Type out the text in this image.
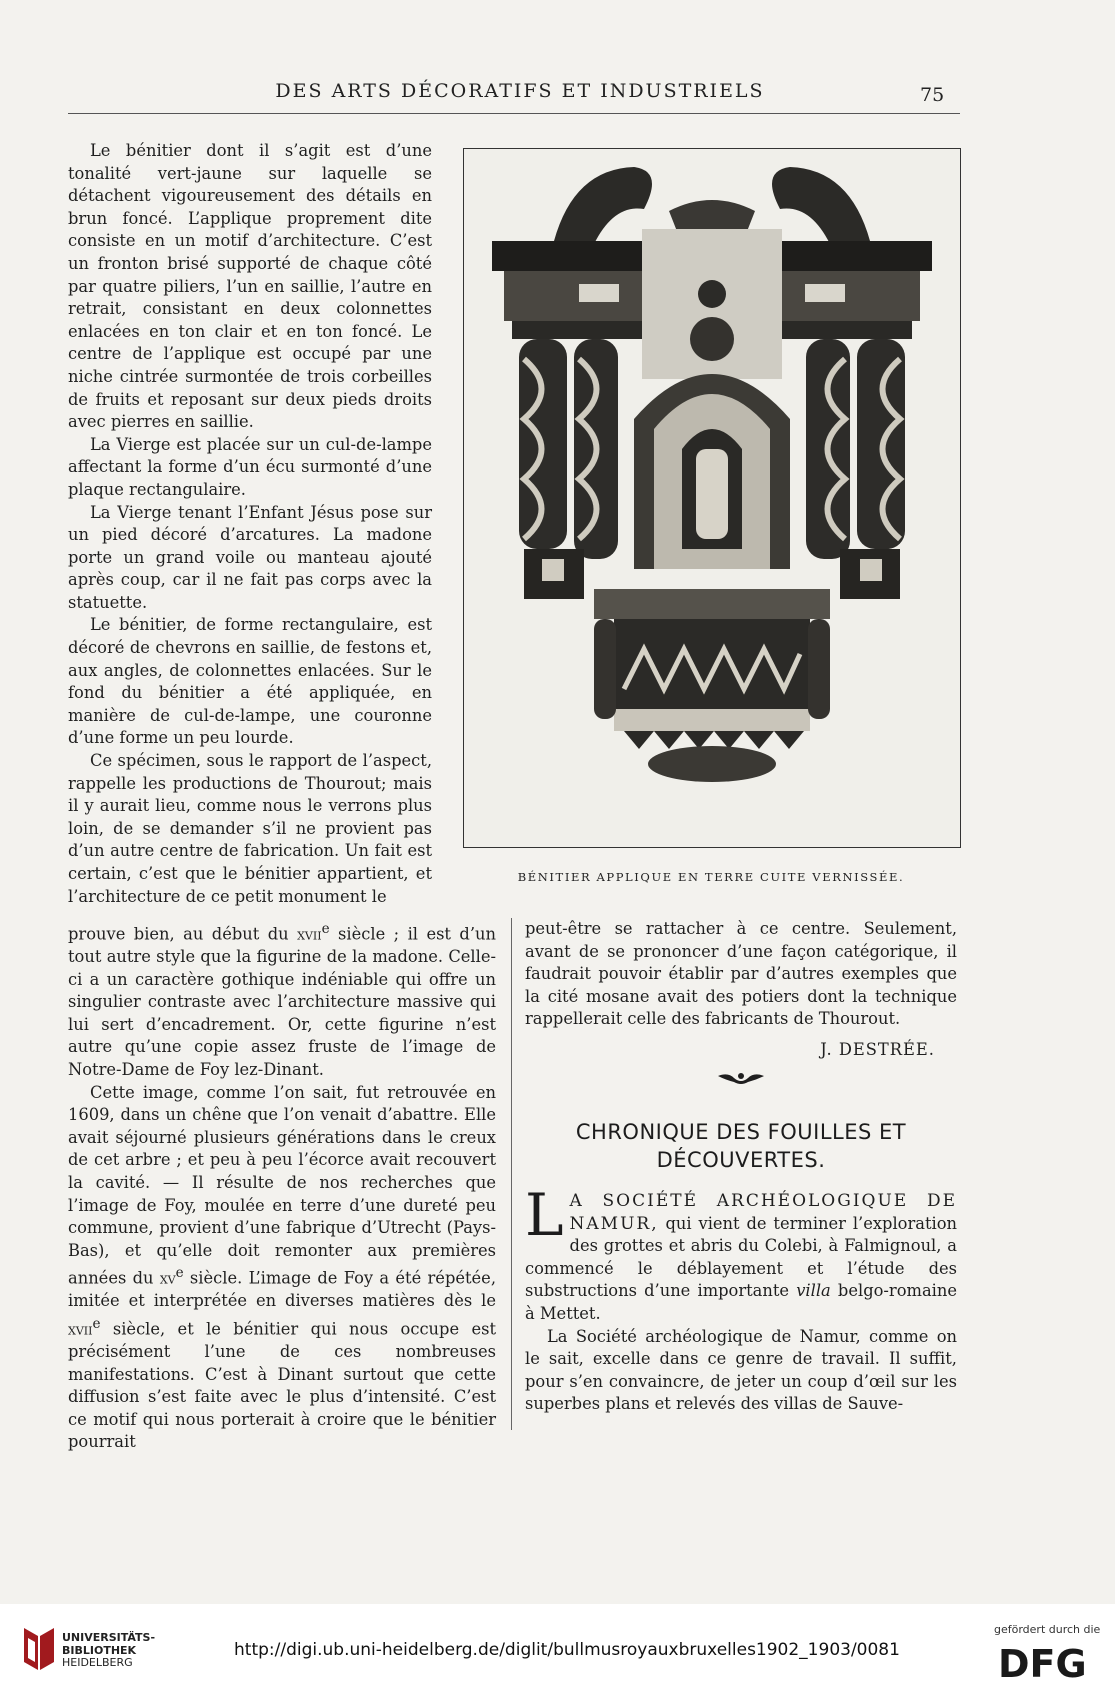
DES ARTS DÉCORATIFS ET INDUSTRIELS	75

Le bénitier dont il s’agit est d’une tonalité vert-jaune sur laquelle se détachent vigoureusement des détails en brun foncé. L’applique proprement dite consiste en un motif d’architecture. C’est un fronton brisé supporté de chaque côté par quatre piliers, l’un en saillie, l’autre en retrait, consistant en deux colonnettes enlacées en ton clair et en ton foncé. Le centre de l’applique est occupé par une niche cintrée surmontée de trois corbeilles de fruits et reposant sur deux pieds droits avec pierres en saillie.

La Vierge est placée sur un cul-de-lampe affectant la forme d’un écu surmonté d’une plaque rectangulaire.

La Vierge tenant l’Enfant Jésus pose sur un pied décoré d’arcatures. La madone porte un grand voile ou manteau ajouté après coup, car il ne fait pas corps avec la statuette.

Le bénitier, de forme rectangulaire, est décoré de chevrons en saillie, de festons et, aux angles, de colonnettes enlacées. Sur le fond du bénitier a été appliquée, en manière de cul-de-lampe, une couronne d’une forme un peu lourde.

Ce spécimen, sous le rapport de l’aspect, rappelle les productions de Thourout; mais il y aurait lieu, comme nous le verrons plus loin, de se demander s’il ne provient pas d’un autre centre de fabrication. Un fait est certain, c’est que le bénitier appartient, et l’architecture de ce petit monument le

BÉNITIER APPLIQUE EN TERRE CUITE VERNISSÉE.

prouve bien, au début du xvii$^e$ siècle ; il est d’un tout autre style que la figurine de la madone. Celle-ci a un caractère gothique indéniable qui offre un singulier contraste avec l’architecture massive qui lui sert d’encadrement. Or, cette figurine n’est autre qu’une copie assez fruste de l’image de Notre-Dame de Foy lez-Dinant.

Cette image, comme l’on sait, fut retrouvée en 1609, dans un chêne que l’on venait d’abattre. Elle avait séjourné plusieurs générations dans le creux de cet arbre ; et peu à peu l’écorce avait recouvert la cavité. — Il résulte de nos recherches que l’image de Foy, moulée en terre d’une dureté peu commune, provient d’une fabrique d’Utrecht (Pays-Bas), et qu’elle doit remonter aux premières années du $xv^e$ siècle. L’image de Foy a été répétée, imitée et interprétée en diverses matières dès le xvii$^e$ siècle, et le bénitier qui nous occupe est précisément l’une de ces nombreuses manifestations. C’est à Dinant surtout que cette diffusion s’est faite avec le plus d’intensité. C’est ce motif qui nous porterait à croire que le bénitier pourrait

peut-être se rattacher à ce centre. Seulement, avant de se prononcer d’une façon catégorique, il faudrait pouvoir établir par d’autres exemples que la cité mosane avait des potiers dont la technique rappellerait celle des fabricants de Thourout.

J. DESTRÉE.
CHRONIQUE DES FOUILLES ET
DÉCOUVERTES.

L A SOCIÉTÉ ARCHÉOLOGIQUE DE NAMUR, qui vient de terminer l’exploration des grottes et abris du Colebi, à Falmignoul, a commencé le déblayement et l’étude des substructions d’une importante villa belgo-romaine à Mettet.

La Société archéologique de Namur, comme on le sait, excelle dans ce genre de travail. Il suffit, pour s’en convaincre, de jeter un coup d’œil sur les superbes plans et relevés des villas de Sauve-

UNIVERSITÄTS-
BIBLIOTHEK
HEIDELBERG
http://digi.ub.uni-heidelberg.de/diglit/bullmusroyauxbruxelles1902_1903/0081
gefördert durch die
DFG
